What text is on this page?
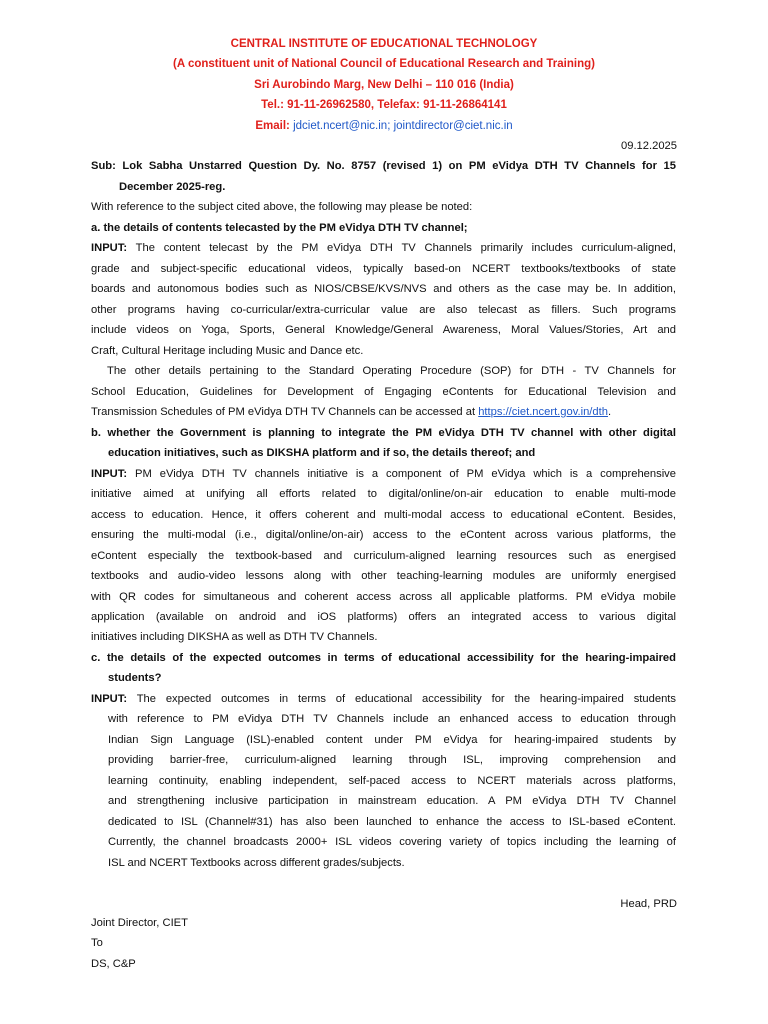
CENTRAL INSTITUTE OF EDUCATIONAL TECHNOLOGY
(A constituent unit of National Council of Educational Research and Training)
Sri Aurobindo Marg, New Delhi – 110 016 (India)
Tel.: 91-11-26962580, Telefax: 91-11-26864141
Email: jdciet.ncert@nic.in; jointdirector@ciet.nic.in
09.12.2025
Sub: Lok Sabha Unstarred Question Dy. No. 8757 (revised 1) on PM eVidya DTH TV Channels for 15
December 2025-reg.
With reference to the subject cited above, the following may please be noted:
a. the details of contents telecasted by the PM eVidya DTH TV channel;
INPUT: The content telecast by the PM eVidya DTH TV Channels primarily includes curriculum-aligned,
grade and subject-specific educational videos, typically based-on NCERT textbooks/textbooks of state
boards and autonomous bodies such as NIOS/CBSE/KVS/NVS and others as the case may be. In addition,
other programs having co-curricular/extra-curricular value are also telecast as fillers. Such programs
include videos on Yoga, Sports, General Knowledge/General Awareness, Moral Values/Stories, Art and
Craft, Cultural Heritage including Music and Dance etc.
The other details pertaining to the Standard Operating Procedure (SOP) for DTH - TV Channels for
School Education, Guidelines for Development of Engaging eContents for Educational Television and
Transmission Schedules of PM eVidya DTH TV Channels can be accessed at https://ciet.ncert.gov.in/dth.
b. whether the Government is planning to integrate the PM eVidya DTH TV channel with other digital
education initiatives, such as DIKSHA platform and if so, the details thereof; and
INPUT: PM eVidya DTH TV channels initiative is a component of PM eVidya which is a comprehensive
initiative aimed at unifying all efforts related to digital/online/on-air education to enable multi-mode
access to education. Hence, it offers coherent and multi-modal access to educational eContent. Besides,
ensuring the multi-modal (i.e., digital/online/on-air) access to the eContent across various platforms, the
eContent especially the textbook-based and curriculum-aligned learning resources such as energised
textbooks and audio-video lessons along with other teaching-learning modules are uniformly energised
with QR codes for simultaneous and coherent access across all applicable platforms. PM eVidya mobile
application (available on android and iOS platforms) offers an integrated access to various digital
initiatives including DIKSHA as well as DTH TV Channels.
c. the details of the expected outcomes in terms of educational accessibility for the hearing-impaired
students?
INPUT: The expected outcomes in terms of educational accessibility for the hearing-impaired students
with reference to PM eVidya DTH TV Channels include an enhanced access to education through
Indian Sign Language (ISL)-enabled content under PM eVidya for hearing-impaired students by
providing barrier-free, curriculum-aligned learning through ISL, improving comprehension and
learning continuity, enabling independent, self-paced access to NCERT materials across platforms,
and strengthening inclusive participation in mainstream education. A PM eVidya DTH TV Channel
dedicated to ISL (Channel#31) has also been launched to enhance the access to ISL-based eContent.
Currently, the channel broadcasts 2000+ ISL videos covering variety of topics including the learning of
ISL and NCERT Textbooks across different grades/subjects.
Head, PRD
Joint Director, CIET
To
DS, C&P
